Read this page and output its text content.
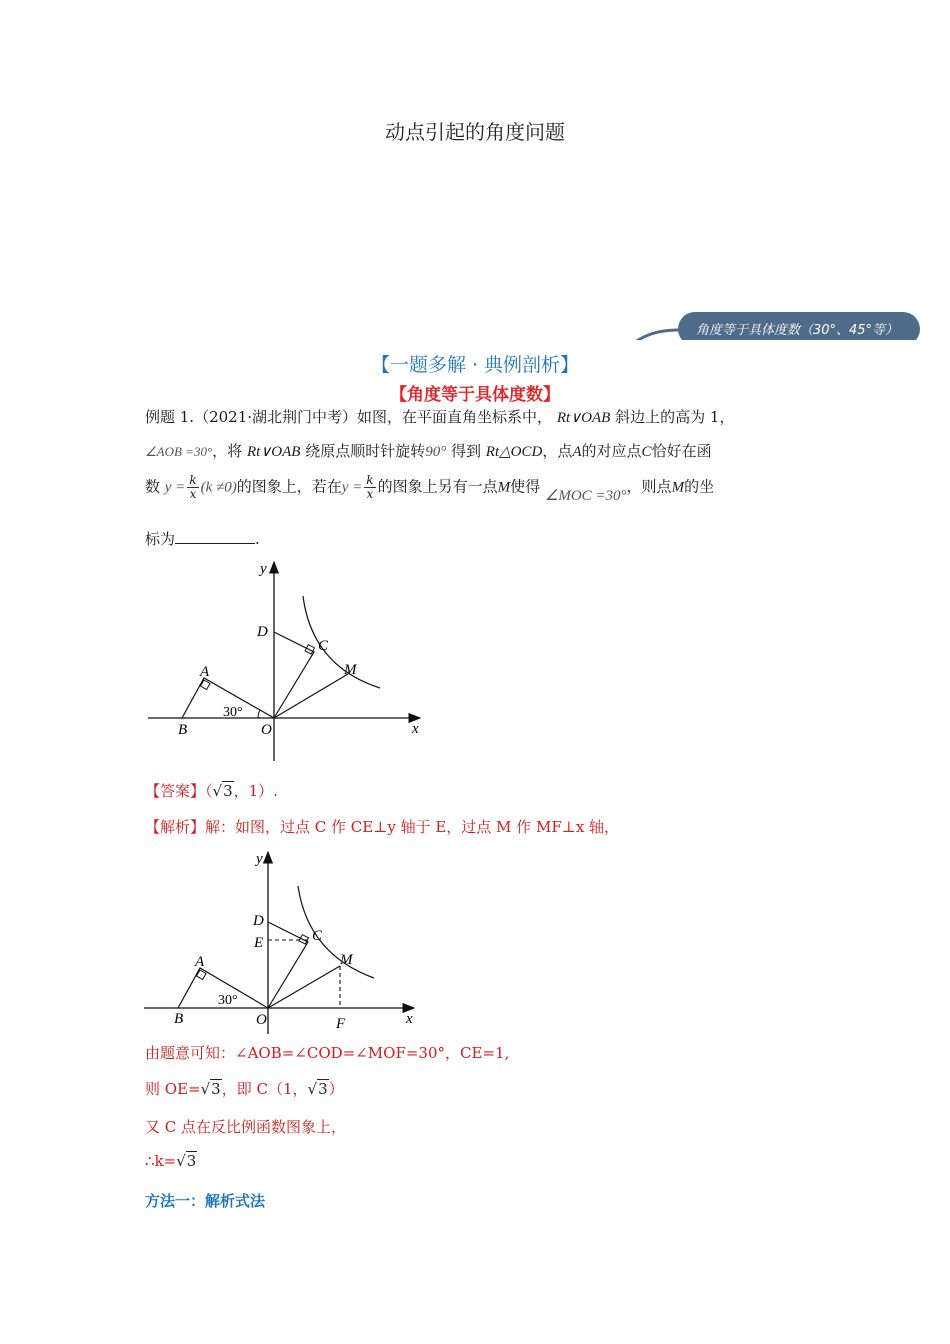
动点引起的角度问题
角度等于具体度数（30°、45°等）
【一题多解 · 典例剖析】
【角度等于具体度数】
例题 1.（2021·湖北荆门中考）如图，在平面直角坐标系中， Rt∨OAB 斜边上的高为 1，
∠AOB =30°，将 Rt∨OAB 绕原点顺时针旋转90° 得到 Rt△OCD，点A的对应点C恰好在函
数 $y = \frac{k}{x} (k \ne 0)$的图象上，若在$y = \frac{k}{x}$ 的图象上另有一点M使得 ∠MOC =30°，则点M的坐
标为	.
y
x
D
C
M
A
B	O
30°
【答案】（√3，1）.
【解析】解：如图，过点 C 作 CE⊥y 轴于 E，过点 M 作 MF⊥x 轴，
y
x
D
E	C
M
A
B	O	F
30°
由题意可知：∠AOB=∠COD=∠MOF=30°，CE=1,
则 OE=√3，即 C（1，√3）
又 C 点在反比例函数图象上，
∴k=√3
方法一：解析式法
